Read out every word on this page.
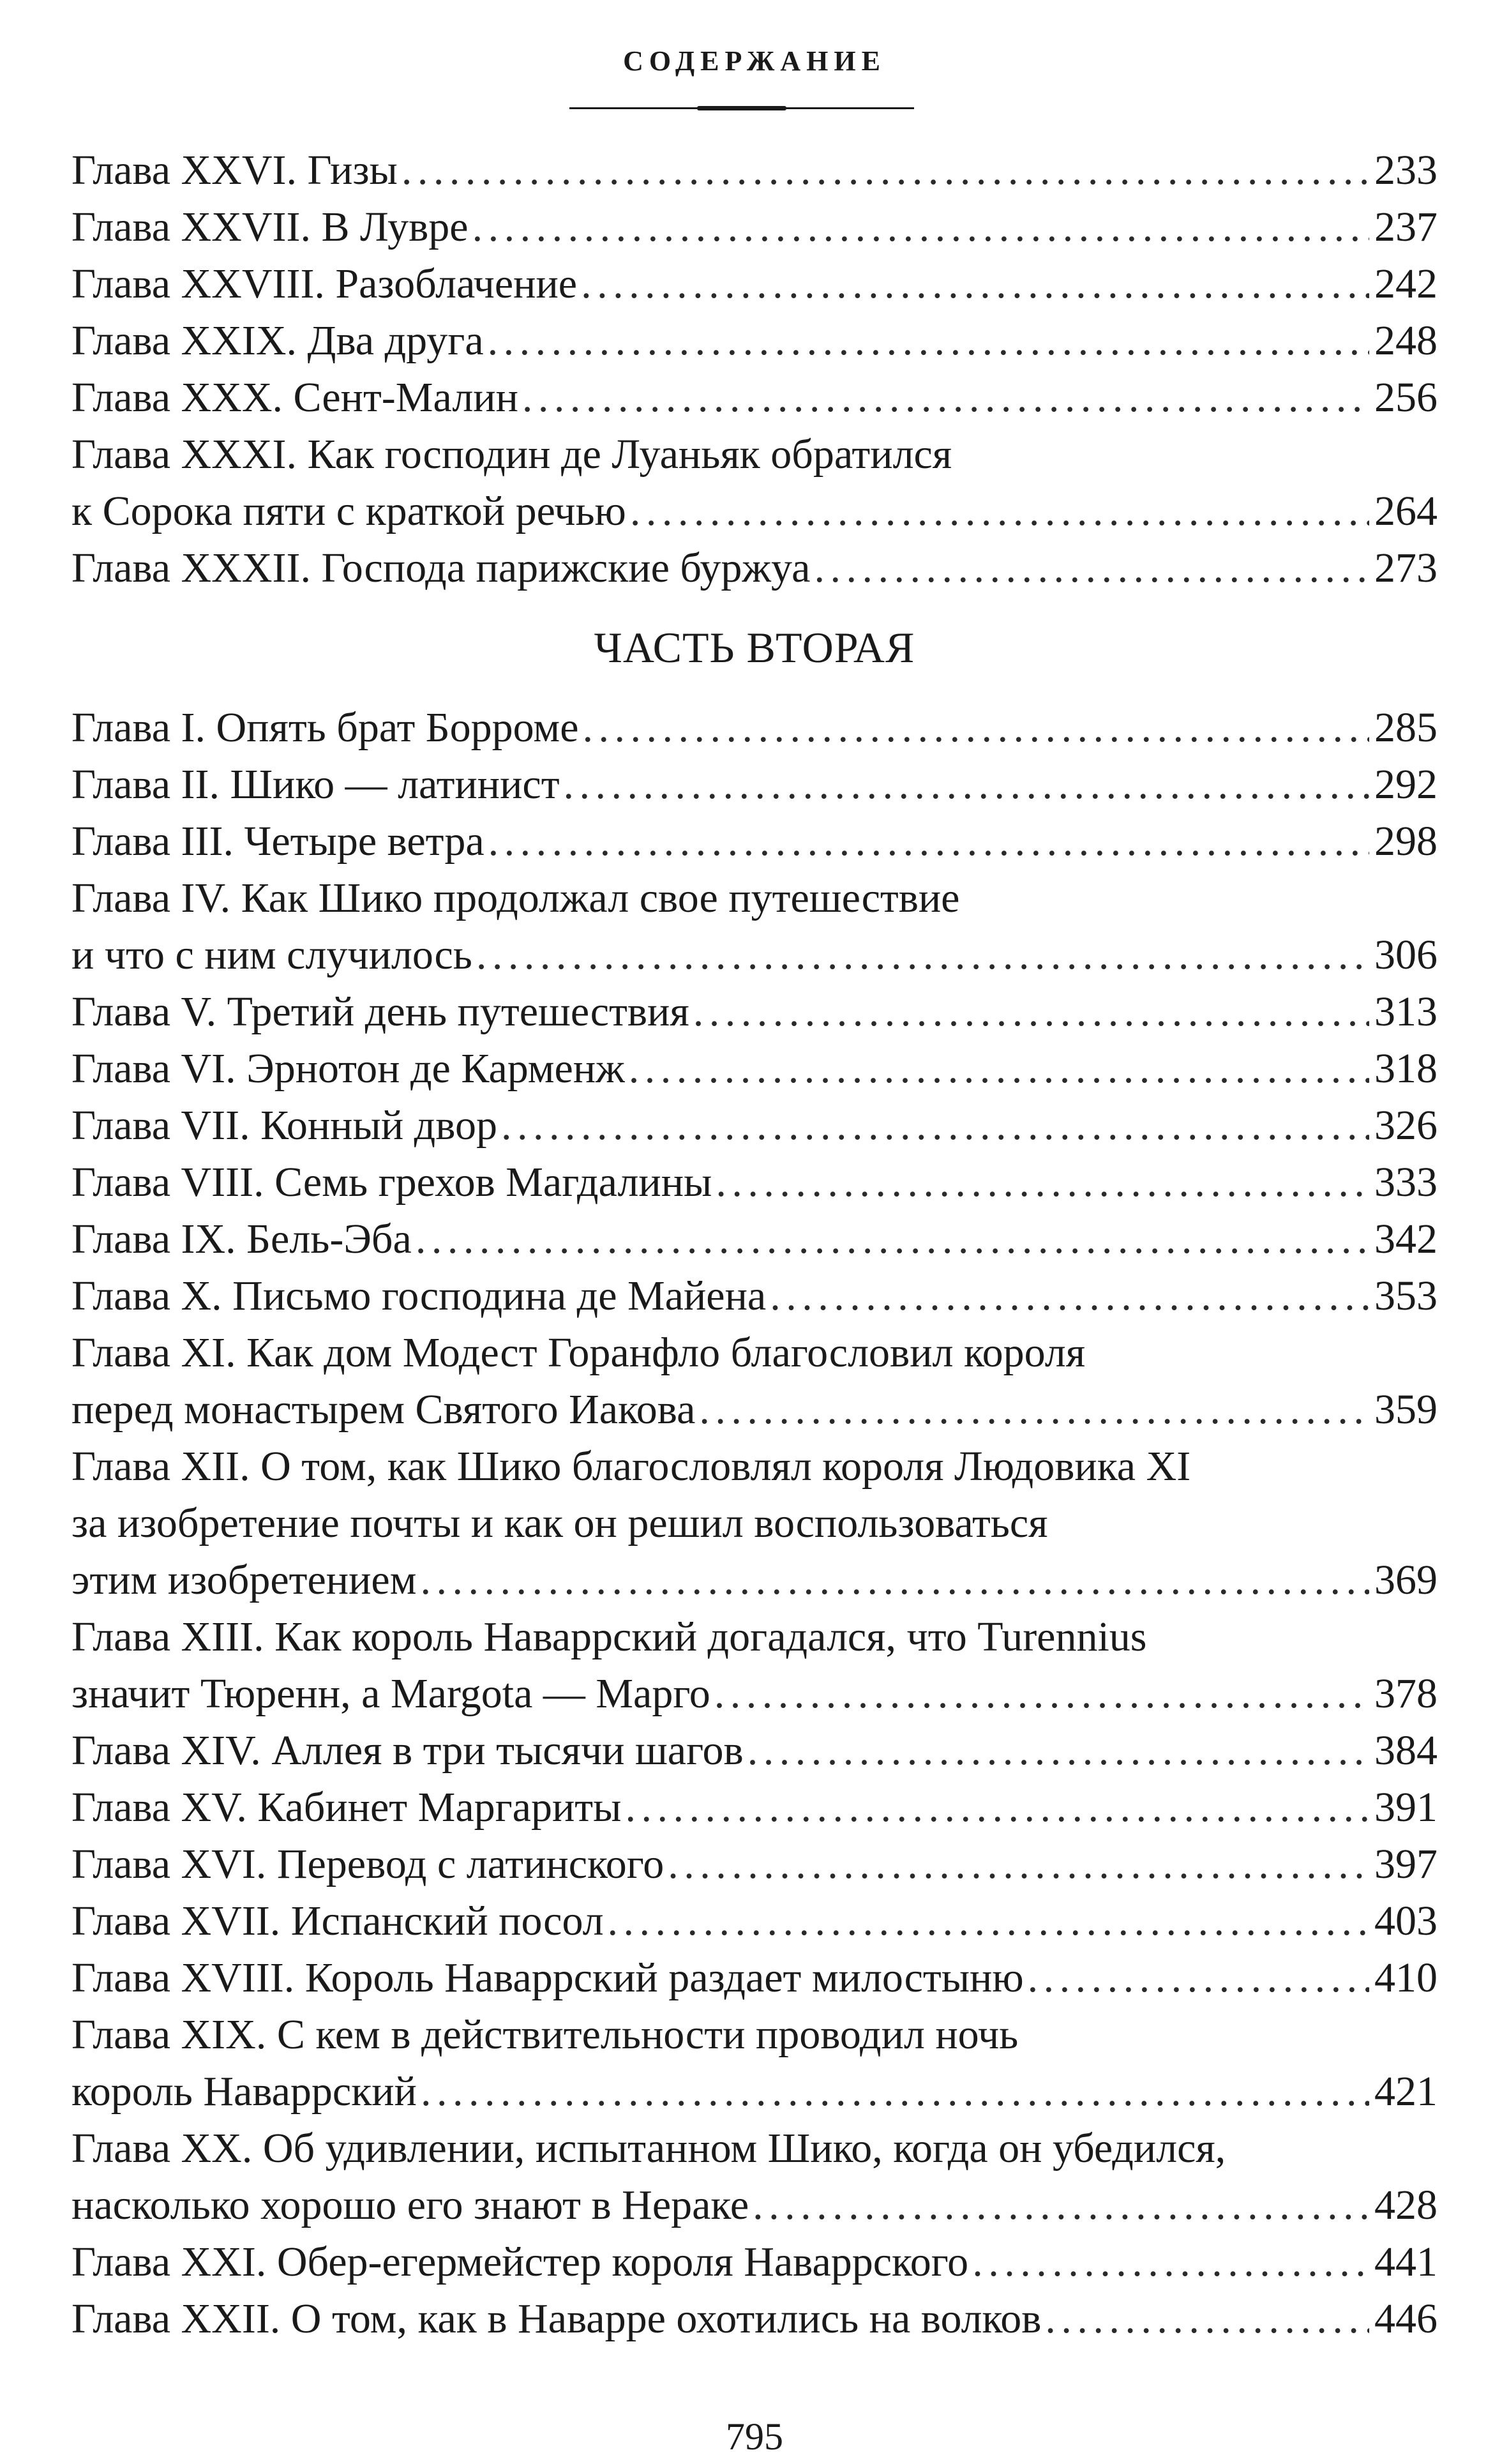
СОДЕРЖАНИЕ
Глава XXVI. Гизы . . .	233
Глава XXVII. В Лувре . . .	237
Глава XXVIII. Разоблачение . . .	242
Глава XXIX. Два друга . . .	248
Глава XXX. Сент-Малин . . .	256
Глава XXXI. Как господин де Луаньяк обратился
к Сорока пяти с краткой речью . . .	264
Глава XXXII. Господа парижские буржуа . . .	273
ЧАСТЬ ВТОРАЯ
Глава I. Опять брат Борроме . . .	285
Глава II. Шико — латинист . . .	292
Глава III. Четыре ветра . . .	298
Глава IV. Как Шико продолжал свое путешествие
и что с ним случилось . . .	306
Глава V. Третий день путешествия . . .	313
Глава VI. Эрнотон де Карменж . . .	318
Глава VII. Конный двор . . .	326
Глава VIII. Семь грехов Магдалины . . .	333
Глава IX. Бель-Эба . . .	342
Глава X. Письмо господина де Майена . . .	353
Глава XI. Как дом Модест Горанфло благословил короля
перед монастырем Святого Иакова . . .	359
Глава XII. О том, как Шико благословлял короля Людовика XI
за изобретение почты и как он решил воспользоваться
этим изобретением . . .	369
Глава XIII. Как король Наваррский догадался, что Turennius
значит Тюренн, а Margota — Марго . . .	378
Глава XIV. Аллея в три тысячи шагов . . .	384
Глава XV. Кабинет Маргариты . . .	391
Глава XVI. Перевод с латинского . . .	397
Глава XVII. Испанский посол . . .	403
Глава XVIII. Король Наваррский раздает милостыню . . .	410
Глава XIX. С кем в действительности проводил ночь
король Наваррский . . .	421
Глава XX. Об удивлении, испытанном Шико, когда он убедился,
насколько хорошо его знают в Нераке . . .	428
Глава XXI. Обер-егермейстер короля Наваррского . . .	441
Глава XXII. О том, как в Наварре охотились на волков . . .	446
795
